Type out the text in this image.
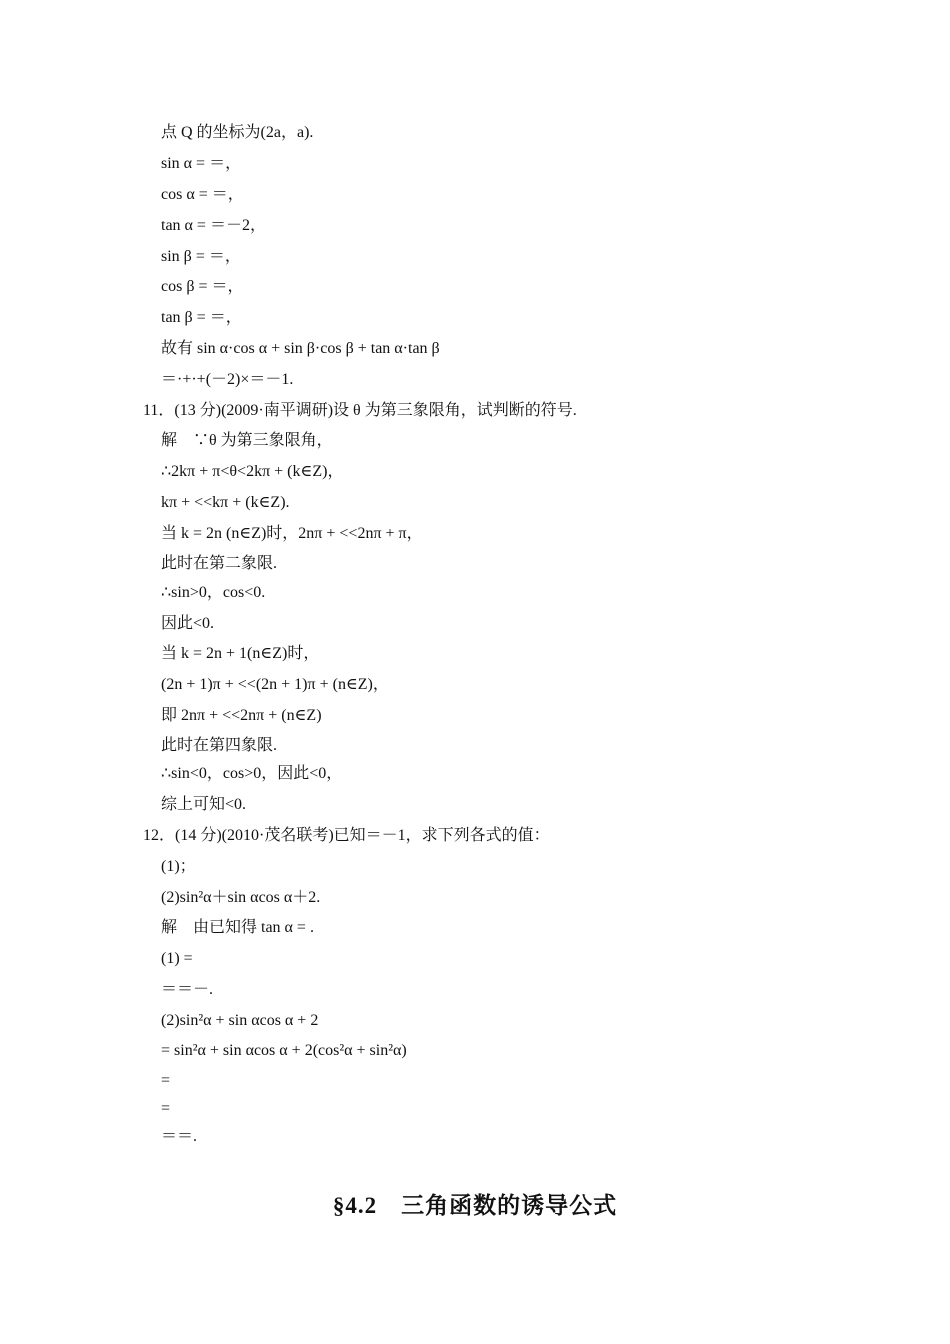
点 Q 的坐标为(2a，a).
sin α = ＝，
cos α = ＝，
tan α = ＝－2，
sin β = ＝，
cos β = ＝，
tan β = ＝，
故有 sin α·cos α + sin β·cos β + tan α·tan β
＝·+·+(－2)×＝－1.
11．(13 分)(2009·南平调研)设 θ 为第三象限角，试判断的符号.
解　∵θ 为第三象限角，
∴2kπ + π<θ<2kπ + (k∈Z)，
kπ + <<kπ + (k∈Z).
当 k = 2n (n∈Z)时，2nπ + <<2nπ + π，
此时在第二象限.
∴sin>0，cos<0.
因此<0.
当 k = 2n + 1(n∈Z)时，
(2n + 1)π + <<(2n + 1)π + (n∈Z)，
即 2nπ + <<2nπ + (n∈Z)
此时在第四象限.
∴sin<0，cos>0，因此<0，
综上可知<0.
12．(14 分)(2010·茂名联考)已知＝－1，求下列各式的值：
(1)；
(2)sin²α＋sin αcos α＋2.
解　由已知得 tan α = .
(1) =
＝＝－.
(2)sin²α + sin αcos α + 2
= sin²α + sin αcos α + 2(cos²α + sin²α)
=
=
＝＝.
§4.2　三角函数的诱导公式
